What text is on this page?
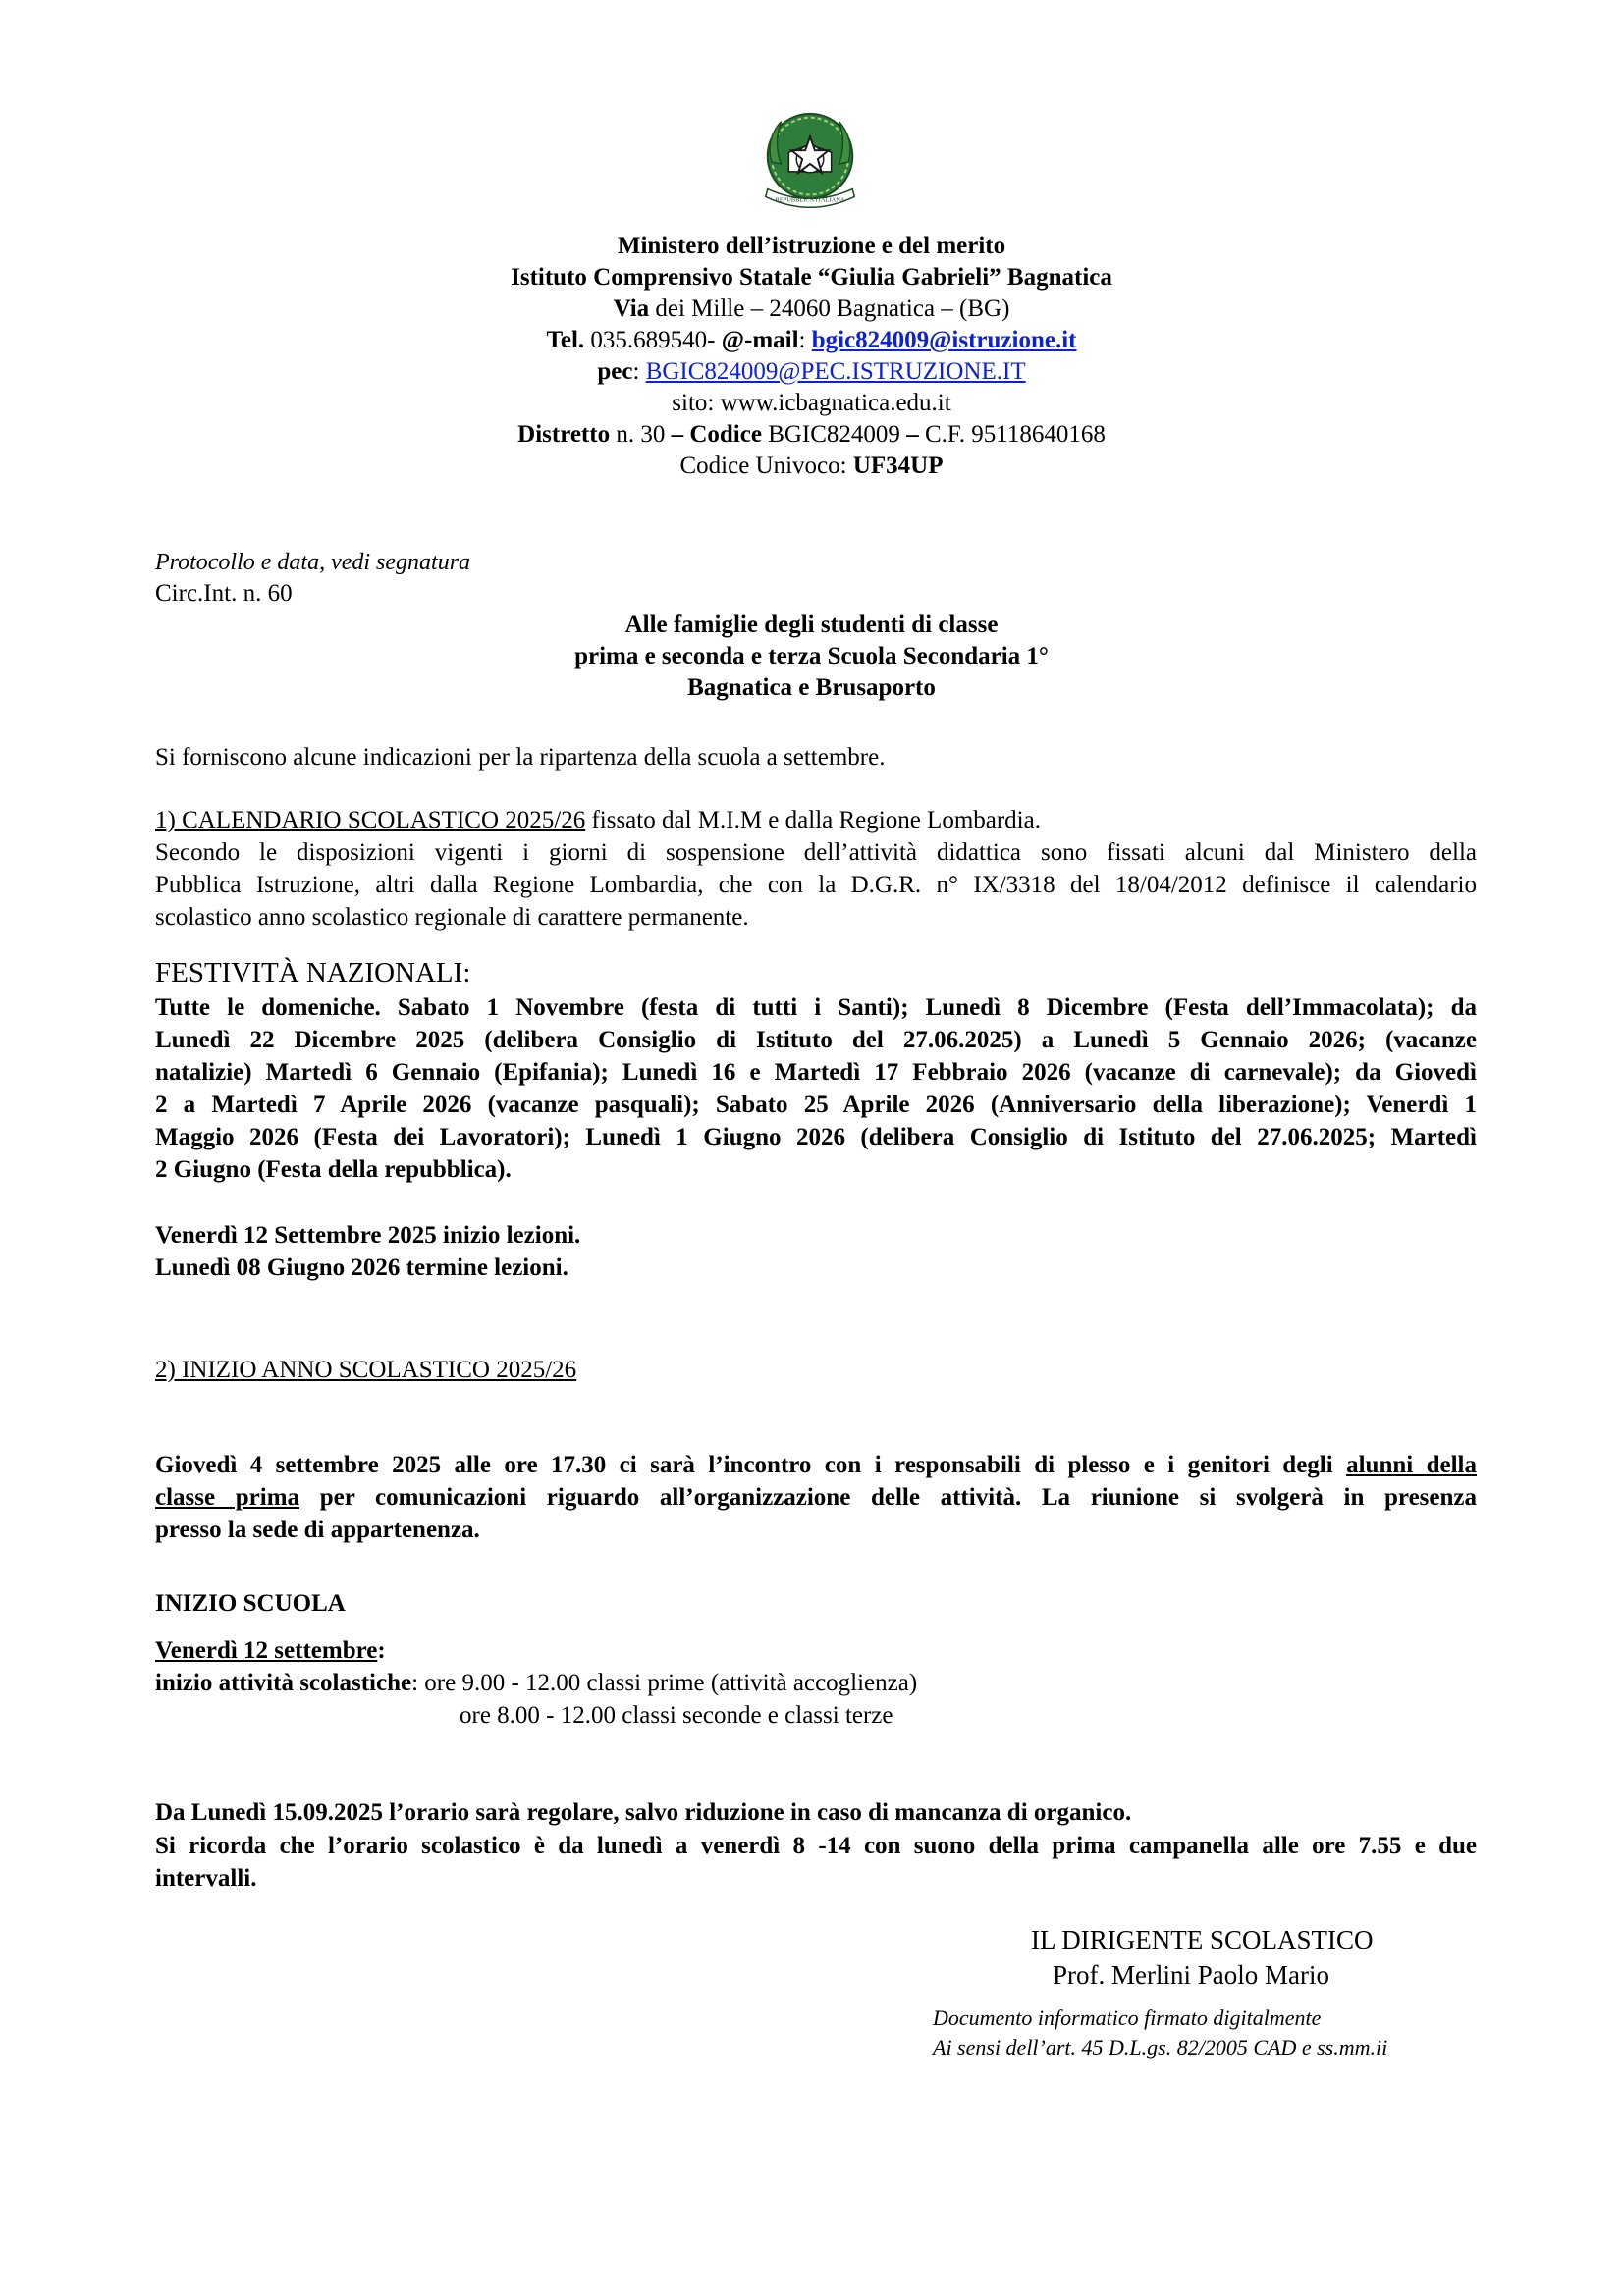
REPUBBLICA ITALIANA
Ministero dell’istruzione e del merito
Istituto Comprensivo Statale “Giulia Gabrieli” Bagnatica
Via dei Mille – 24060 Bagnatica – (BG)
Tel. 035.689540- @-mail: bgic824009@istruzione.it
pec: BGIC824009@PEC.ISTRUZIONE.IT
sito: www.icbagnatica.edu.it
Distretto n. 30 – Codice BGIC824009 – C.F. 95118640168
Codice Univoco: UF34UP
Protocollo e data, vedi segnatura
Circ.Int. n. 60
Alle famiglie degli studenti di classe
prima e seconda e terza Scuola Secondaria 1°
Bagnatica e Brusaporto
Si forniscono alcune indicazioni per la ripartenza della scuola a settembre.
1) CALENDARIO SCOLASTICO 2025/26 fissato dal M.I.M e dalla Regione Lombardia.
Secondo le disposizioni vigenti i giorni di sospensione dell’attività didattica sono fissati alcuni dal Ministero della
Pubblica Istruzione, altri dalla Regione Lombardia, che con la D.G.R. n° IX/3318 del 18/04/2012 definisce il calendario
scolastico anno scolastico regionale di carattere permanente.
FESTIVITÀ NAZIONALI:
Tutte le domeniche. Sabato 1 Novembre (festa di tutti i Santi); Lunedì 8 Dicembre (Festa dell’Immacolata); da
Lunedì 22 Dicembre 2025 (delibera Consiglio di Istituto del 27.06.2025) a Lunedì 5 Gennaio 2026; (vacanze
natalizie) Martedì 6 Gennaio (Epifania); Lunedì 16 e Martedì 17 Febbraio 2026 (vacanze di carnevale); da Giovedì
2 a Martedì 7 Aprile 2026 (vacanze pasquali); Sabato 25 Aprile 2026 (Anniversario della liberazione); Venerdì 1
Maggio 2026 (Festa dei Lavoratori); Lunedì 1 Giugno 2026 (delibera Consiglio di Istituto del 27.06.2025; Martedì
2 Giugno (Festa della repubblica).
Venerdì 12 Settembre 2025 inizio lezioni.
Lunedì 08 Giugno 2026 termine lezioni.
2) INIZIO ANNO SCOLASTICO 2025/26
Giovedì 4 settembre 2025 alle ore 17.30 ci sarà l’incontro con i responsabili di plesso e i genitori degli alunni della
classe prima per comunicazioni riguardo all’organizzazione delle attività. La riunione si svolgerà in presenza
presso la sede di appartenenza.
INIZIO SCUOLA
Venerdì 12 settembre:
inizio attività scolastiche: ore 9.00 - 12.00 classi prime (attività accoglienza)
ore 8.00 - 12.00 classi seconde e classi terze
Da Lunedì 15.09.2025 l’orario sarà regolare, salvo riduzione in caso di mancanza di organico.
Si ricorda che l’orario scolastico è da lunedì a venerdì 8 -14 con suono della prima campanella alle ore 7.55 e due
intervalli.
IL DIRIGENTE SCOLASTICO
Prof. Merlini Paolo Mario
Documento informatico firmato digitalmente
Ai sensi dell’art. 45 D.L.gs. 82/2005 CAD e ss.mm.ii
